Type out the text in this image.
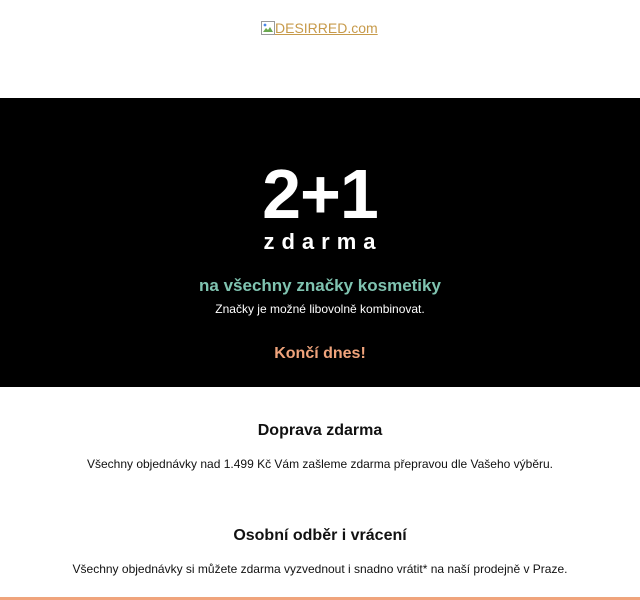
DESIRRED.com
2+1
zdarma
na všechny značky kosmetiky
Značky je možné libovolně kombinovat.
Končí dnes!
Doprava zdarma
Všechny objednávky nad 1.499 Kč Vám zašleme zdarma přepravou dle Vašeho výběru.
Osobní odběr i vrácení
Všechny objednávky si můžete zdarma vyzvednout i snadno vrátit* na naší prodejně v Praze.
